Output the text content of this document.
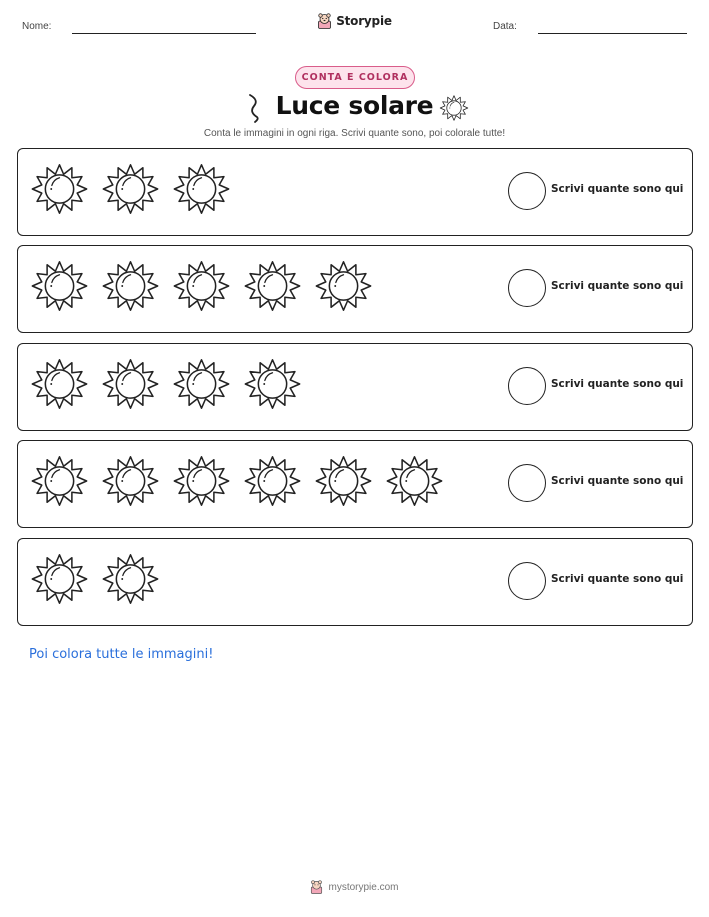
Nome:	Storypie	Data:
CONTA E COLORA
Luce solare
Conta le immagini in ogni riga. Scrivi quante sono, poi colorale tutte!
Scrivi quante sono qui
Scrivi quante sono qui
Scrivi quante sono qui
Scrivi quante sono qui
Scrivi quante sono qui
Poi colora tutte le immagini!
mystorypie.com
